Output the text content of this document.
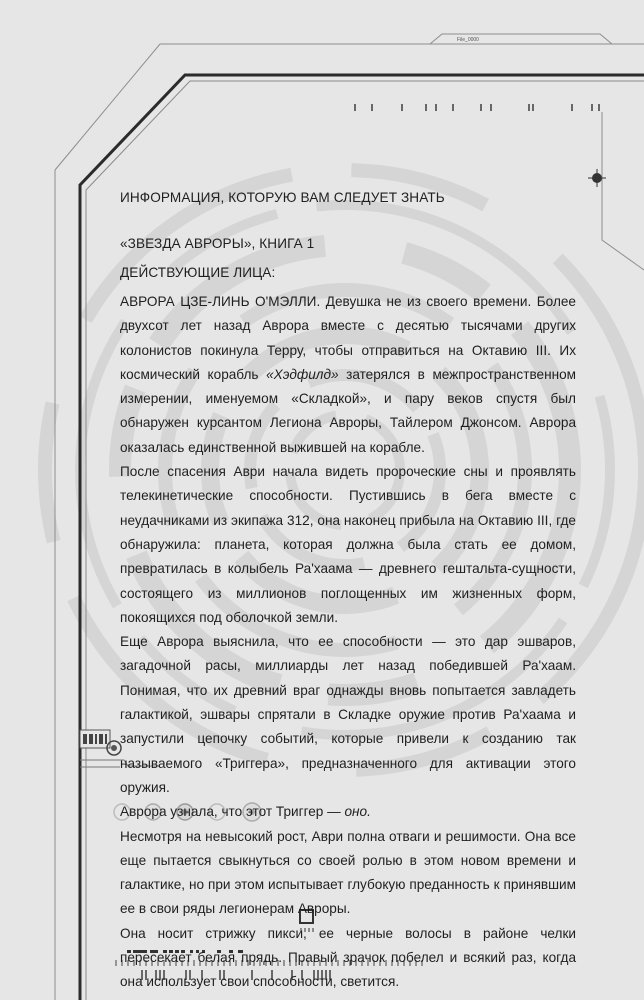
File_0000
ИНФОРМАЦИЯ, КОТОРУЮ ВАМ СЛЕДУЕТ ЗНАТЬ
«ЗВЕЗДА АВРОРЫ», КНИГА 1
ДЕЙСТВУЮЩИЕ ЛИЦА:

АВРОРА ЦЗЕ-ЛИНЬ О'МЭЛЛИ. Девушка не из своего времени. Более двухсот лет назад Аврора вместе с десятью тысячами других колонистов покинула Терру, чтобы отправиться на Октавию III. Их космический корабль «Хэдфилд» затерялся в межпространственном измерении, именуемом «Складкой», и пару веков спустя был обнаружен курсантом Легиона Авроры, Тайлером Джонсом. Аврора оказалась единственной выжившей на корабле.

После спасения Аври начала видеть пророческие сны и проявлять телекинетические способности. Пустившись в бега вместе с неудачниками из экипажа 312, она наконец прибыла на Октавию III, где обнаружила: планета, которая должна была стать ее домом, превратилась в колыбель Ра'хаама — древнего гештальта-сущности, состоящего из миллионов поглощенных им жизненных форм, покоящихся под оболочкой земли.

Еще Аврора выяснила, что ее способности — это дар эшваров, загадочной расы, миллиарды лет назад победившей Ра'хаам. Понимая, что их древний враг однажды вновь попытается завладеть галактикой, эшвары спрятали в Складке оружие против Ра'хаама и запустили цепочку событий, которые привели к созданию так называемого «Триггера», предназначенного для активации этого оружия.

Аврора узнала, что этот Триггер — оно.

Несмотря на невысокий рост, Аври полна отваги и решимости. Она все еще пытается свыкнуться со своей ролью в этом новом времени и галактике, но при этом испытывает глубокую преданность к принявшим ее в свои ряды легионерам Авроры.

Она носит стрижку пикси, ее черные волосы в районе челки пересекает белая прядь. Правый зрачок побелел и всякий раз, когда она использует свои способности, светится.
